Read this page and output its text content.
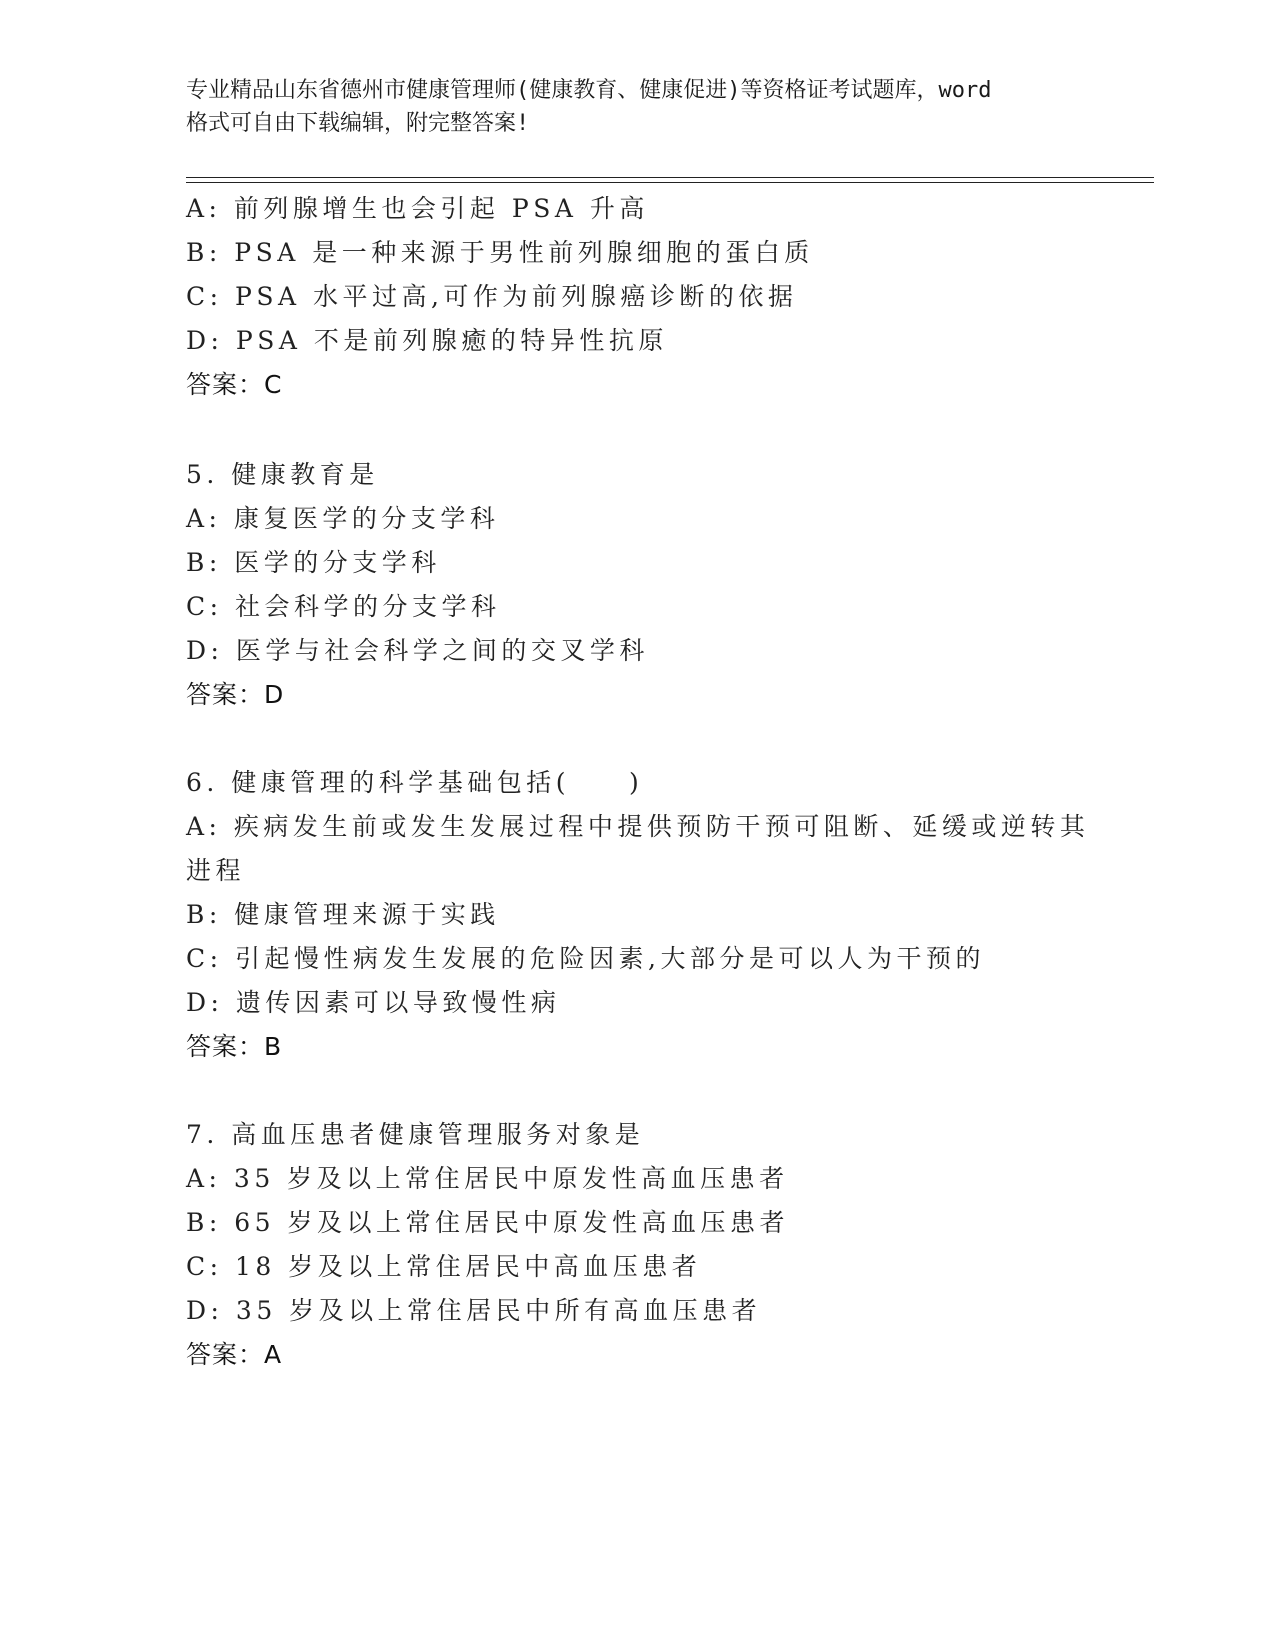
专业精品山东省德州市健康管理师(健康教育、健康促进)等资格证考试题库，word
格式可自由下载编辑，附完整答案!
A: 前列腺增生也会引起 PSA 升高
B: PSA 是一种来源于男性前列腺细胞的蛋白质
C: PSA 水平过高,可作为前列腺癌诊断的依据
D: PSA 不是前列腺癒的特异性抗原
答案：C
5. 健康教育是
A: 康复医学的分支学科
B: 医学的分支学科
C: 社会科学的分支学科
D: 医学与社会科学之间的交叉学科
答案：D
6. 健康管理的科学基础包括(　　)
A: 疾病发生前或发生发展过程中提供预防干预可阻断、延缓或逆转其
进程
B: 健康管理来源于实践
C: 引起慢性病发生发展的危险因素,大部分是可以人为干预的
D: 遗传因素可以导致慢性病
答案：B
7. 高血压患者健康管理服务对象是
A: 35 岁及以上常住居民中原发性高血压患者
B: 65 岁及以上常住居民中原发性高血压患者
C: 18 岁及以上常住居民中高血压患者
D: 35 岁及以上常住居民中所有高血压患者
答案：A
